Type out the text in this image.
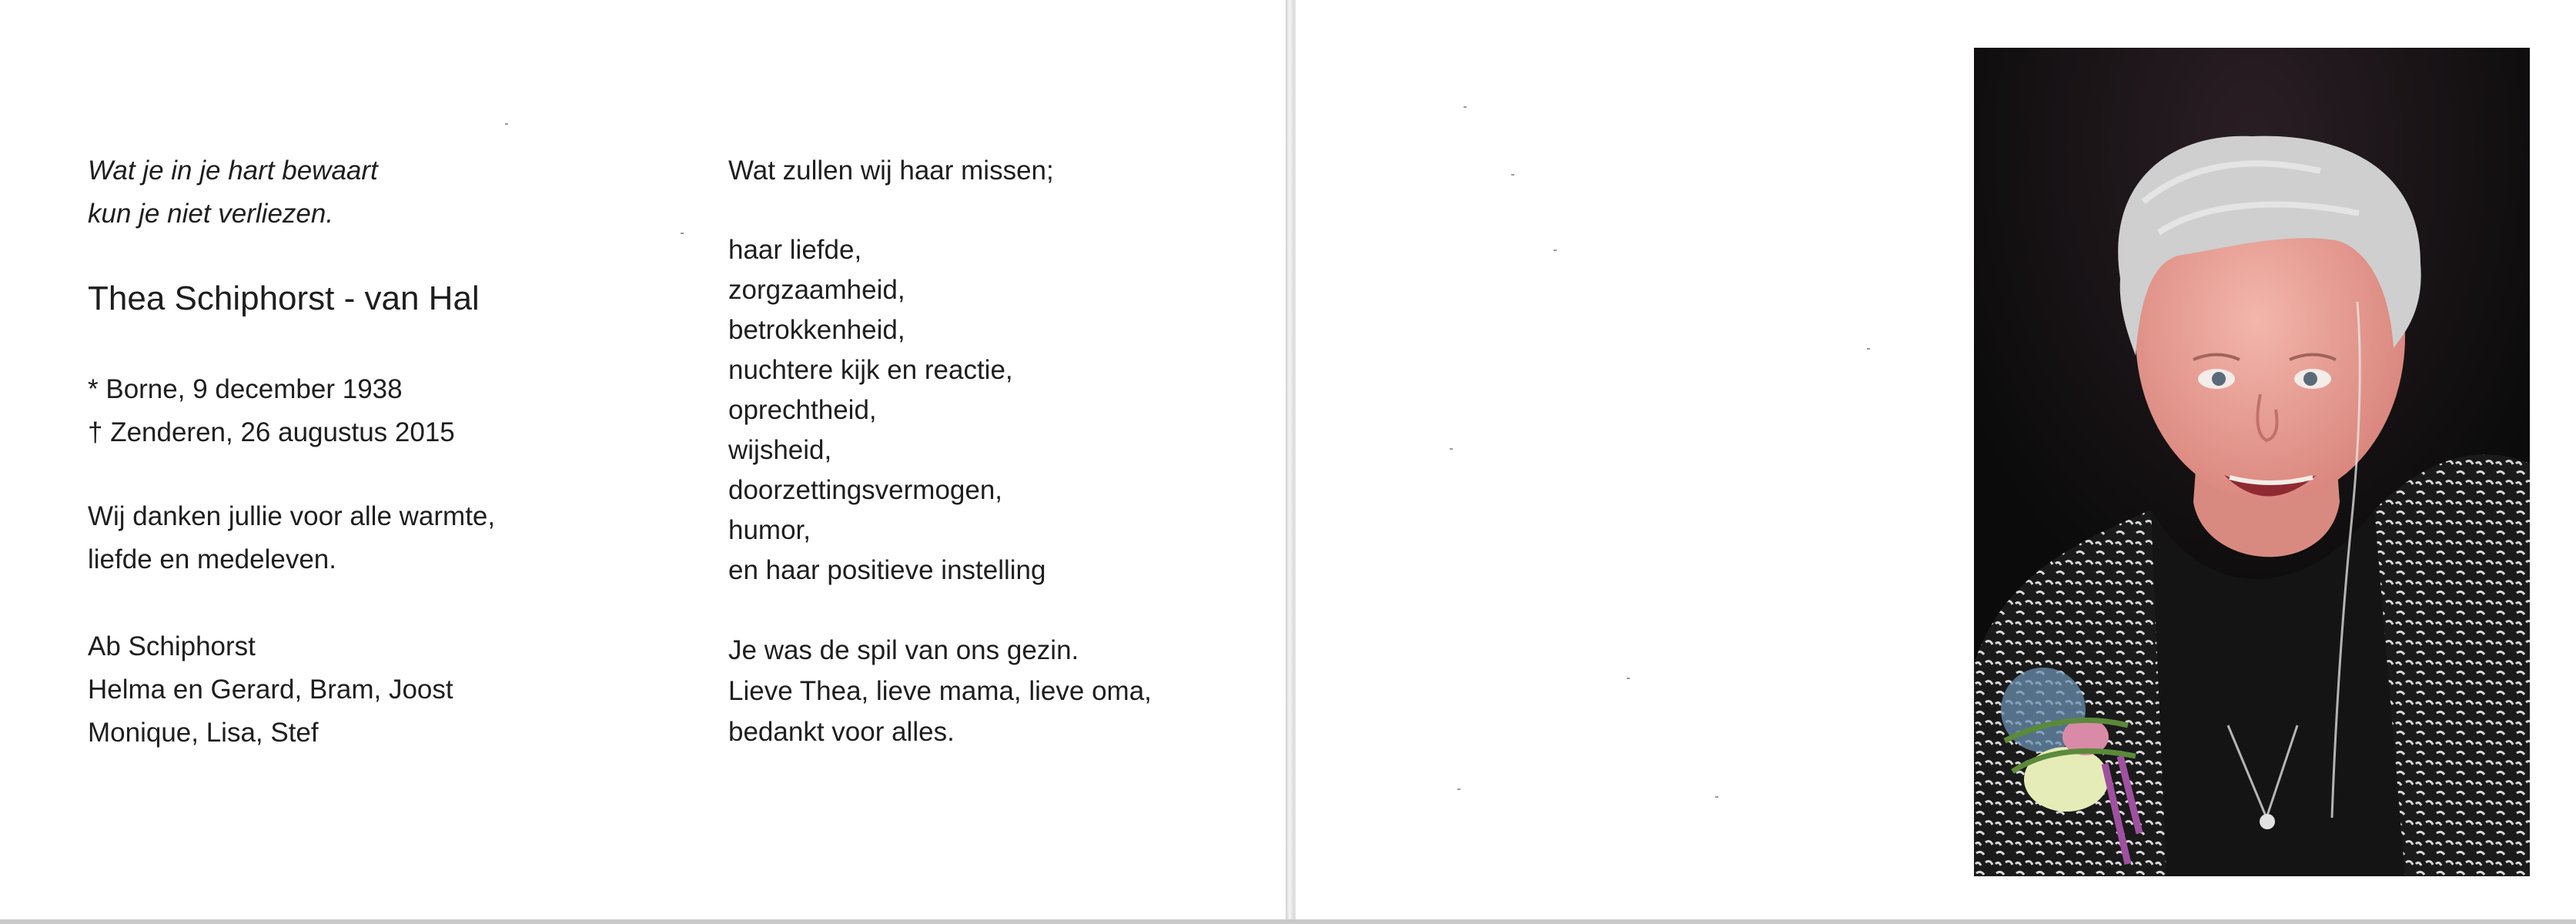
Wat je in je hart bewaart
kun je niet verliezen.
Thea Schiphorst - van Hal
* Borne, 9 december 1938
† Zenderen, 26 augustus 2015
Wij danken jullie voor alle warmte,
liefde en medeleven.
Ab Schiphorst
Helma en Gerard, Bram, Joost
Monique, Lisa, Stef
Wat zullen wij haar missen;
haar liefde,
zorgzaamheid,
betrokkenheid,
nuchtere kijk en reactie,
oprechtheid,
wijsheid,
doorzettingsvermogen,
humor,
en haar positieve instelling
Je was de spil van ons gezin.
Lieve Thea, lieve mama, lieve oma,
bedankt voor alles.
